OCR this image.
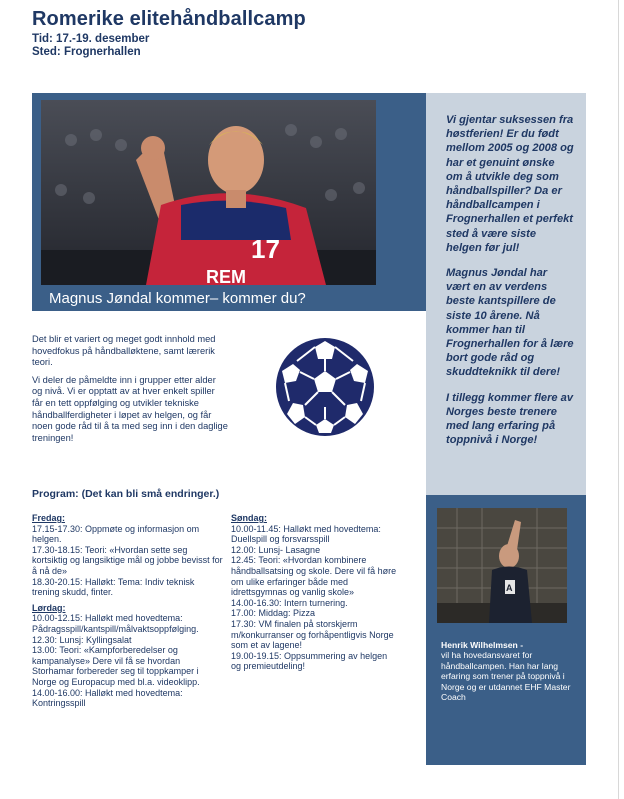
Romerike elitehåndballcamp
Tid: 17.-19. desember
Sted: Frognerhallen
17
REM
Magnus Jøndal kommer– kommer du?

Vi gjentar suksessen fra høstferien! Er du født mellom 2005 og 2008 og har et genuint ønske om å utvikle deg som håndballspiller? Da er håndballcampen i Frognerhallen et perfekt sted å være siste helgen før jul!

Magnus Jøndal har vært en av verdens beste kantspillere de siste 10 årene. Nå kommer han til Frognerhallen for å lære bort gode råd og skuddteknikk til dere!

I tillegg kommer flere av Norges beste trenere med lang erfaring på toppnivå i Norge!

Det blir et variert og meget godt innhold med hovedfokus på håndballøktene, samt lærerik teori.

Vi deler de påmeldte inn i grupper etter alder og nivå. Vi er opptatt av at hver enkelt spiller får en tett oppfølging og utvikler tekniske håndballferdigheter i løpet av helgen, og får noen gode råd til å ta med seg inn i den daglige treningen!

Program: (Det kan bli små endringer.)
Fredag:

17.15-17.30: Oppmøte og informasjon om helgen.

17.30-18.15: Teori: «Hvordan sette seg kortsiktig og langsiktige mål og jobbe bevisst for å nå de»

18.30-20.15: Halløkt: Tema: Indiv teknisk trening skudd, finter.

Lørdag:

10.00-12.15: Halløkt med hovedtema: Pådragsspill/kantspill/målvaktsoppfølging.

12.30: Lunsj: Kyllingsalat

13.00: Teori: «Kampforberedelser og kampanalyse» Dere vil få se hvordan Storhamar forbereder seg til toppkamper i Norge og Europacup med bl.a. videoklipp.

14.00-16.00: Halløkt med hovedtema: Kontringsspill

Søndag:

10.00-11.45: Halløkt med hovedtema: Duellspill og forsvarsspill

12.00: Lunsj- Lasagne

12.45: Teori: «Hvordan kombinere håndballsatsing og skole. Dere vil få høre om ulike erfaringer både med idrettsgymnas og vanlig skole»

14.00-16.30: Intern turnering.

17.00: Middag: Pizza

17.30: VM finalen på storskjerm m/konkurranser og forhåpentligvis Norge som et av lagene!

19.00-19.15: Oppsummering av helgen og premieutdeling!

A
Henrik Wilhelmsen -
vil ha hovedansvaret for håndballcampen. Han har lang erfaring som trener på toppnivå i Norge og er utdannet EHF Master Coach
